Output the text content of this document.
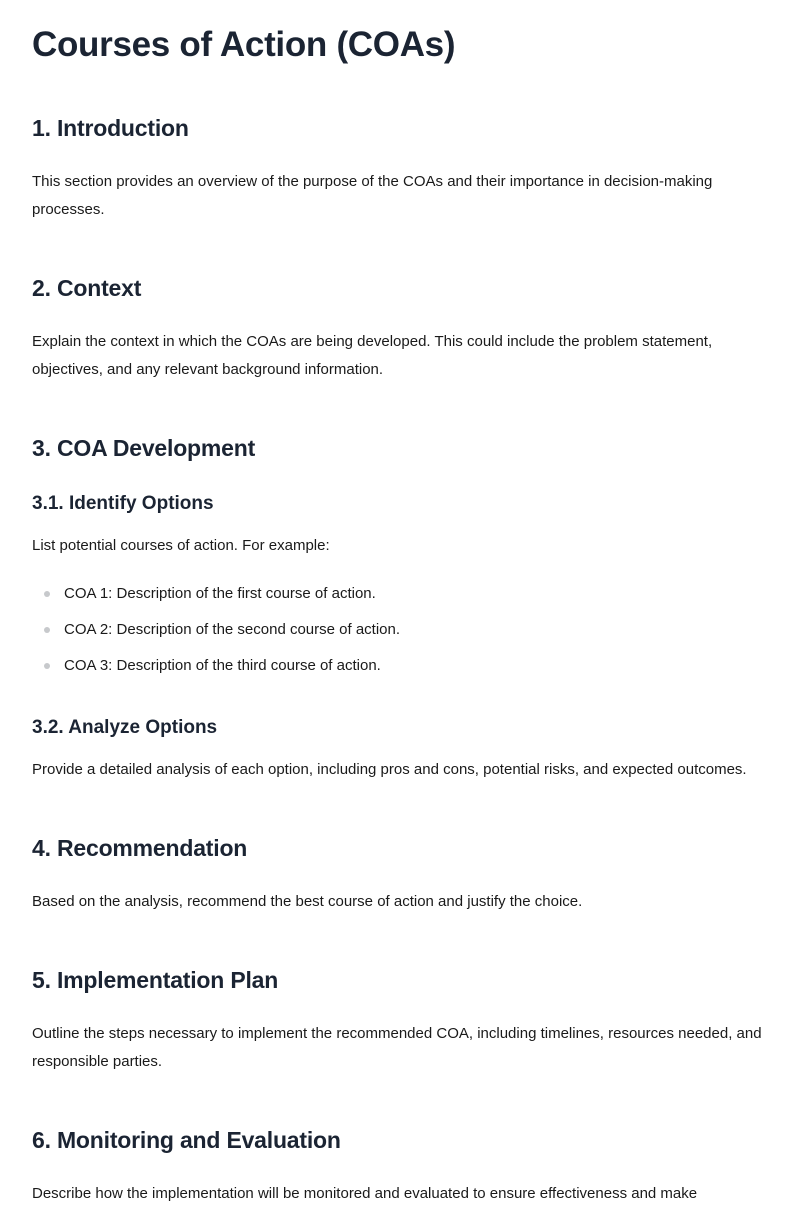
Courses of Action (COAs)
1. Introduction

This section provides an overview of the purpose of the COAs and their importance in decision-making processes.

2. Context

Explain the context in which the COAs are being developed. This could include the problem statement, objectives, and any relevant background information.

3. COA Development
3.1. Identify Options

List potential courses of action. For example:

COA 1: Description of the first course of action.
COA 2: Description of the second course of action.
COA 3: Description of the third course of action.
3.2. Analyze Options

Provide a detailed analysis of each option, including pros and cons, potential risks, and expected outcomes.

4. Recommendation

Based on the analysis, recommend the best course of action and justify the choice.

5. Implementation Plan

Outline the steps necessary to implement the recommended COA, including timelines, resources needed, and responsible parties.

6. Monitoring and Evaluation

Describe how the implementation will be monitored and evaluated to ensure effectiveness and make
